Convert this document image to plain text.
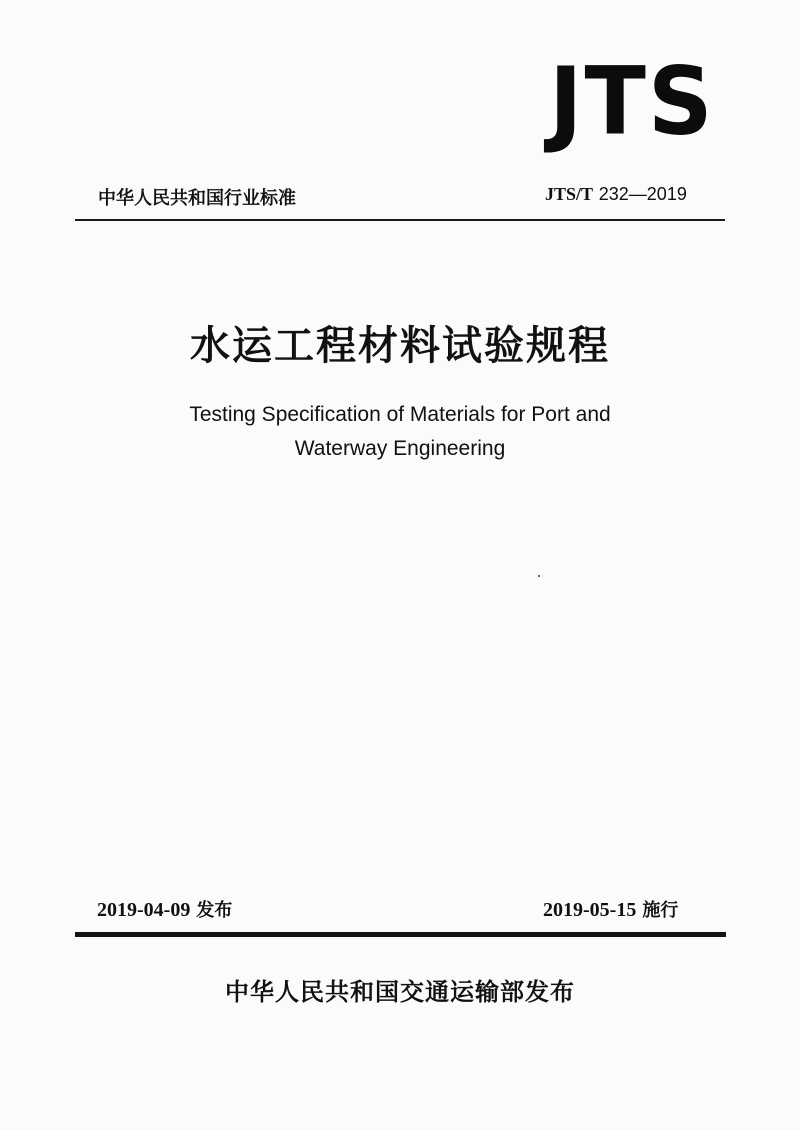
JTS
中华人民共和国行业标准	JTS/T 232—2019
水运工程材料试验规程
Testing Specification of Materials for Port and
Waterway Engineering
2019-04-09 发布	2019-05-15 施行
中华人民共和国交通运输部发布
